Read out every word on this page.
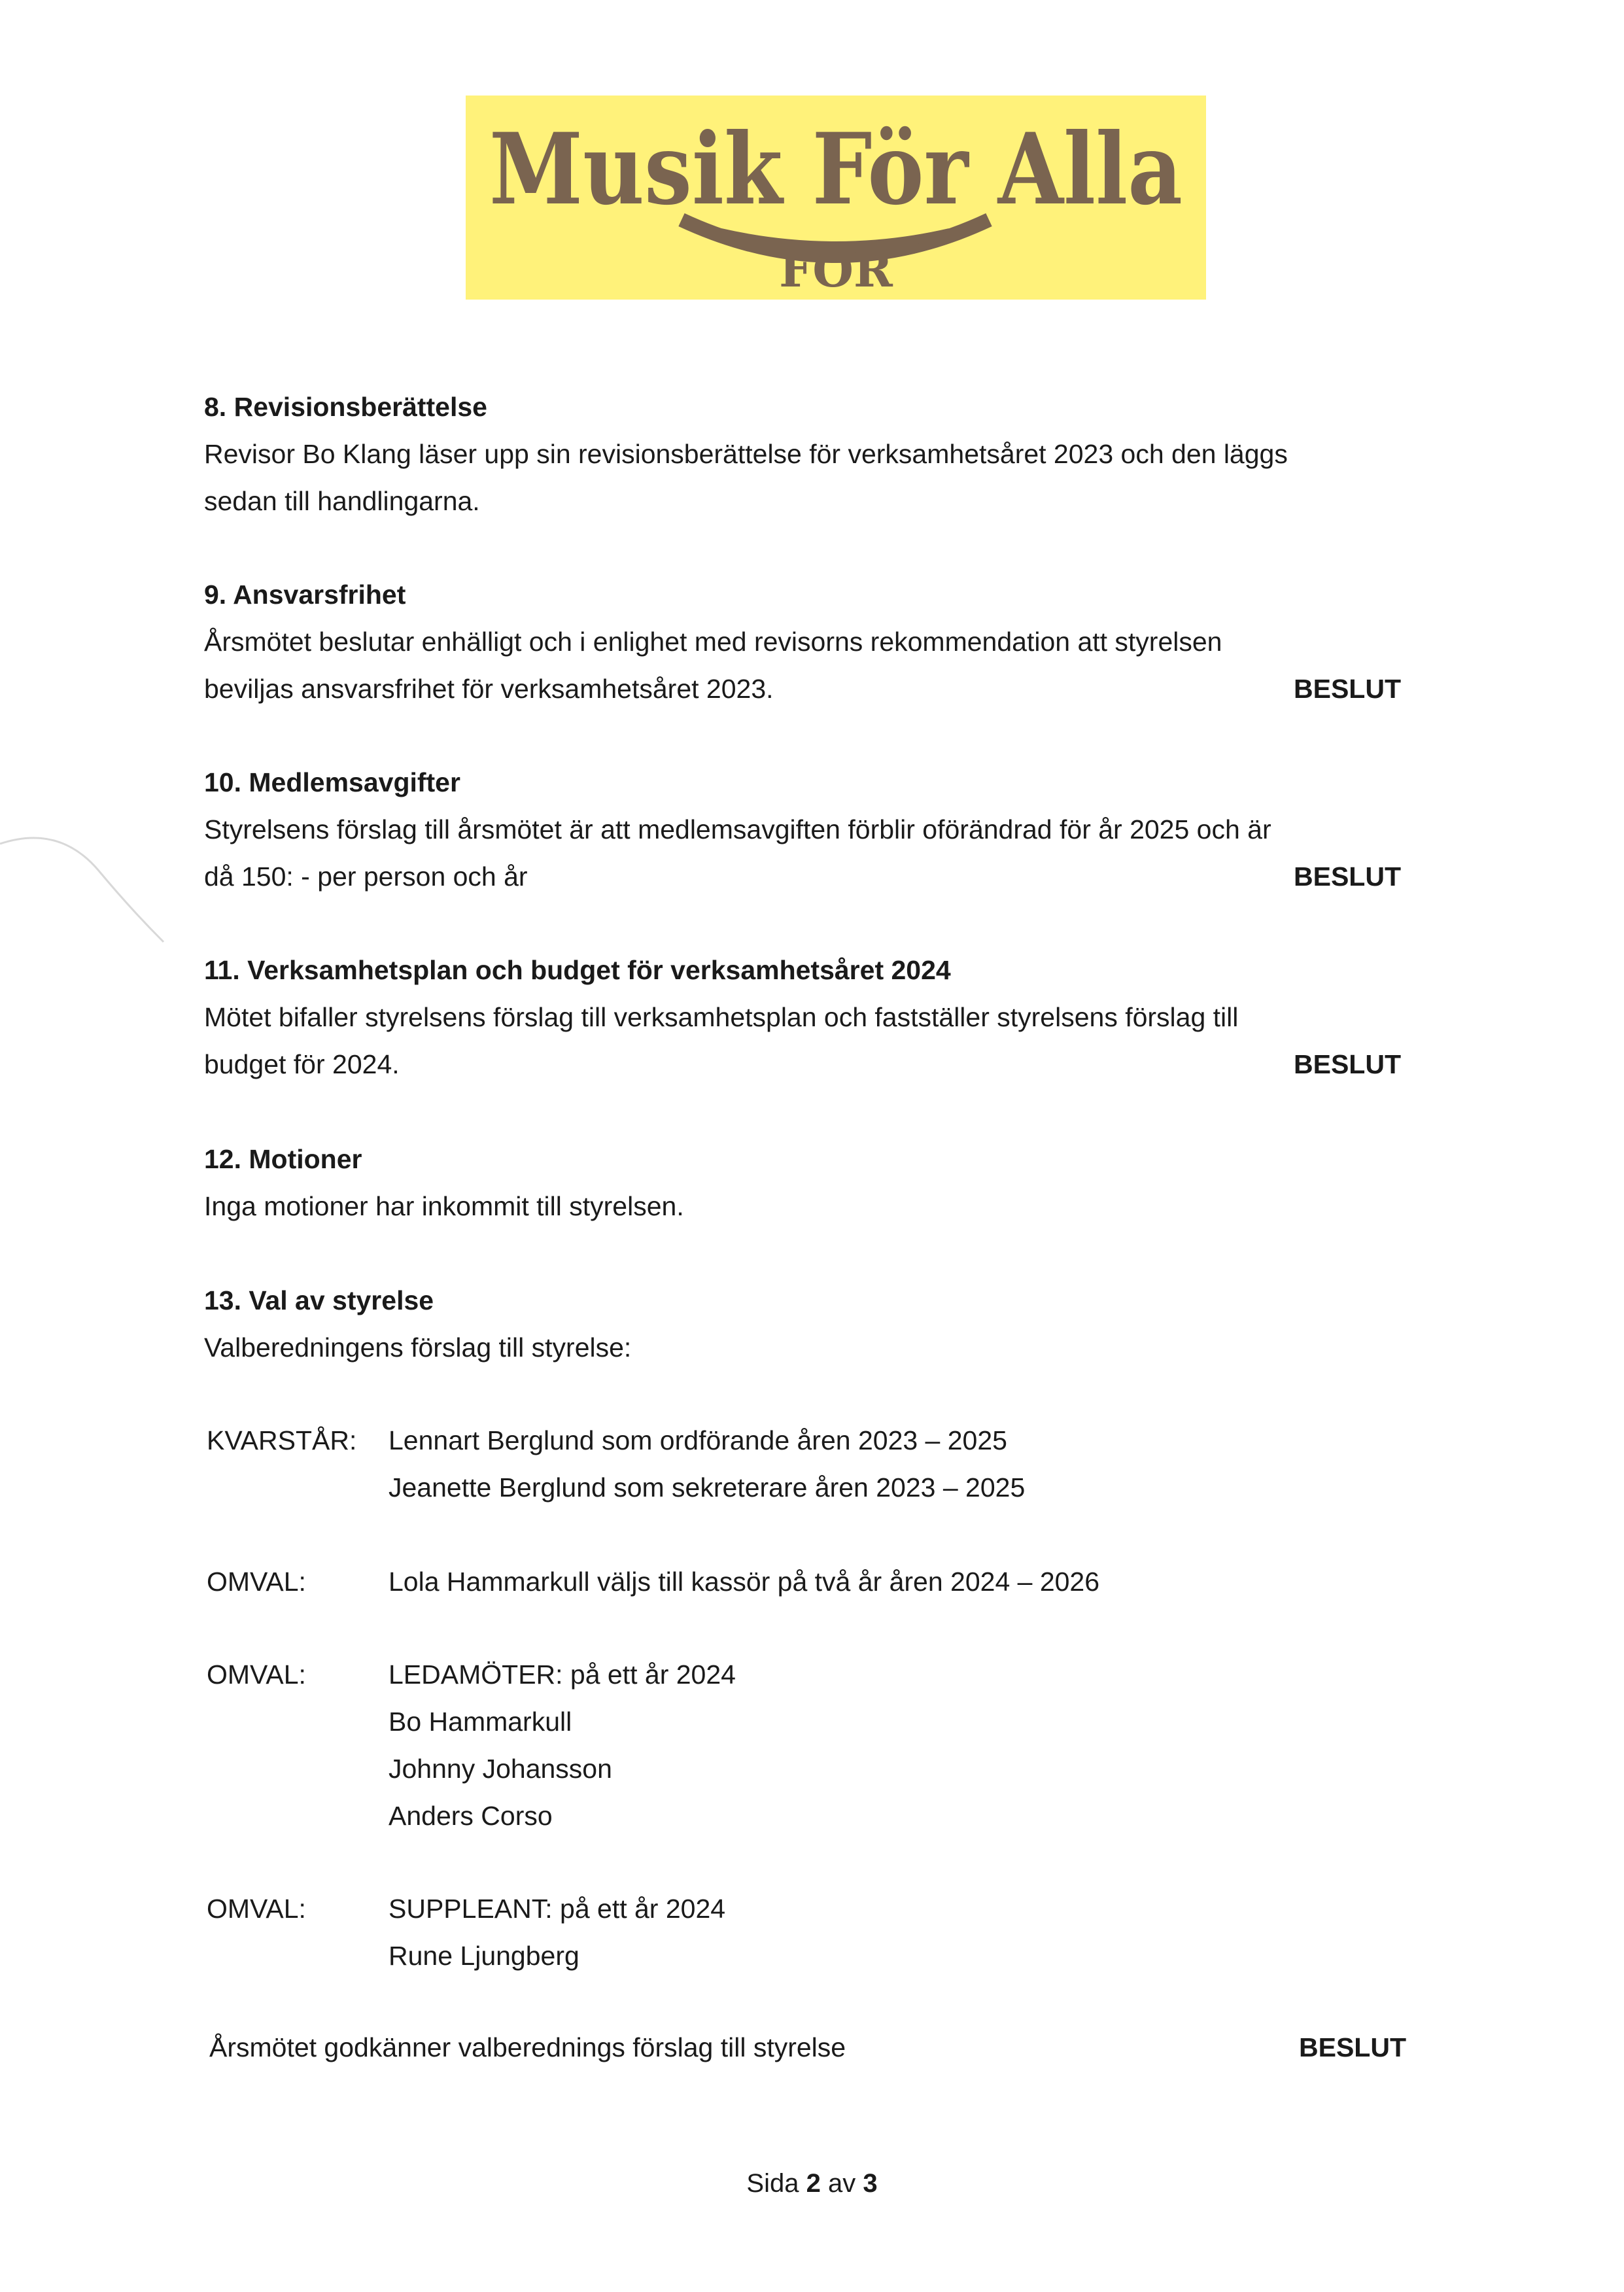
Musik För Alla
FÖR
8. Revisionsberättelse

Revisor Bo Klang läser upp sin revisionsberättelse för verksamhetsåret 2023 och den läggs

sedan till handlingarna.

9. Ansvarsfrihet

Årsmötet beslutar enhälligt och i enlighet med revisorns rekommendation att styrelsen

beviljas ansvarsfrihet för verksamhetsåret 2023.	BESLUT

10. Medlemsavgifter

Styrelsens förslag till årsmötet är att medlemsavgiften förblir oförändrad för år 2025 och är

då 150: - per person och år	BESLUT

11. Verksamhetsplan och budget för verksamhetsåret 2024

Mötet bifaller styrelsens förslag till verksamhetsplan och fastställer styrelsens förslag till

budget för 2024.	BESLUT

12. Motioner

Inga motioner har inkommit till styrelsen.

13. Val av styrelse

Valberedningens förslag till styrelse:

KVARSTÅR:	Lennart Berglund som ordförande åren 2023 – 2025
Jeanette Berglund som sekreterare åren 2023 – 2025
OMVAL:	Lola Hammarkull väljs till kassör på två år åren 2024 – 2026
OMVAL:	LEDAMÖTER: på ett år 2024
Bo Hammarkull
Johnny Johansson
Anders Corso
OMVAL:	SUPPLEANT: på ett år 2024
Rune Ljungberg
Årsmötet godkänner valberednings förslag till styrelse	BESLUT
Sida 2 av 3
